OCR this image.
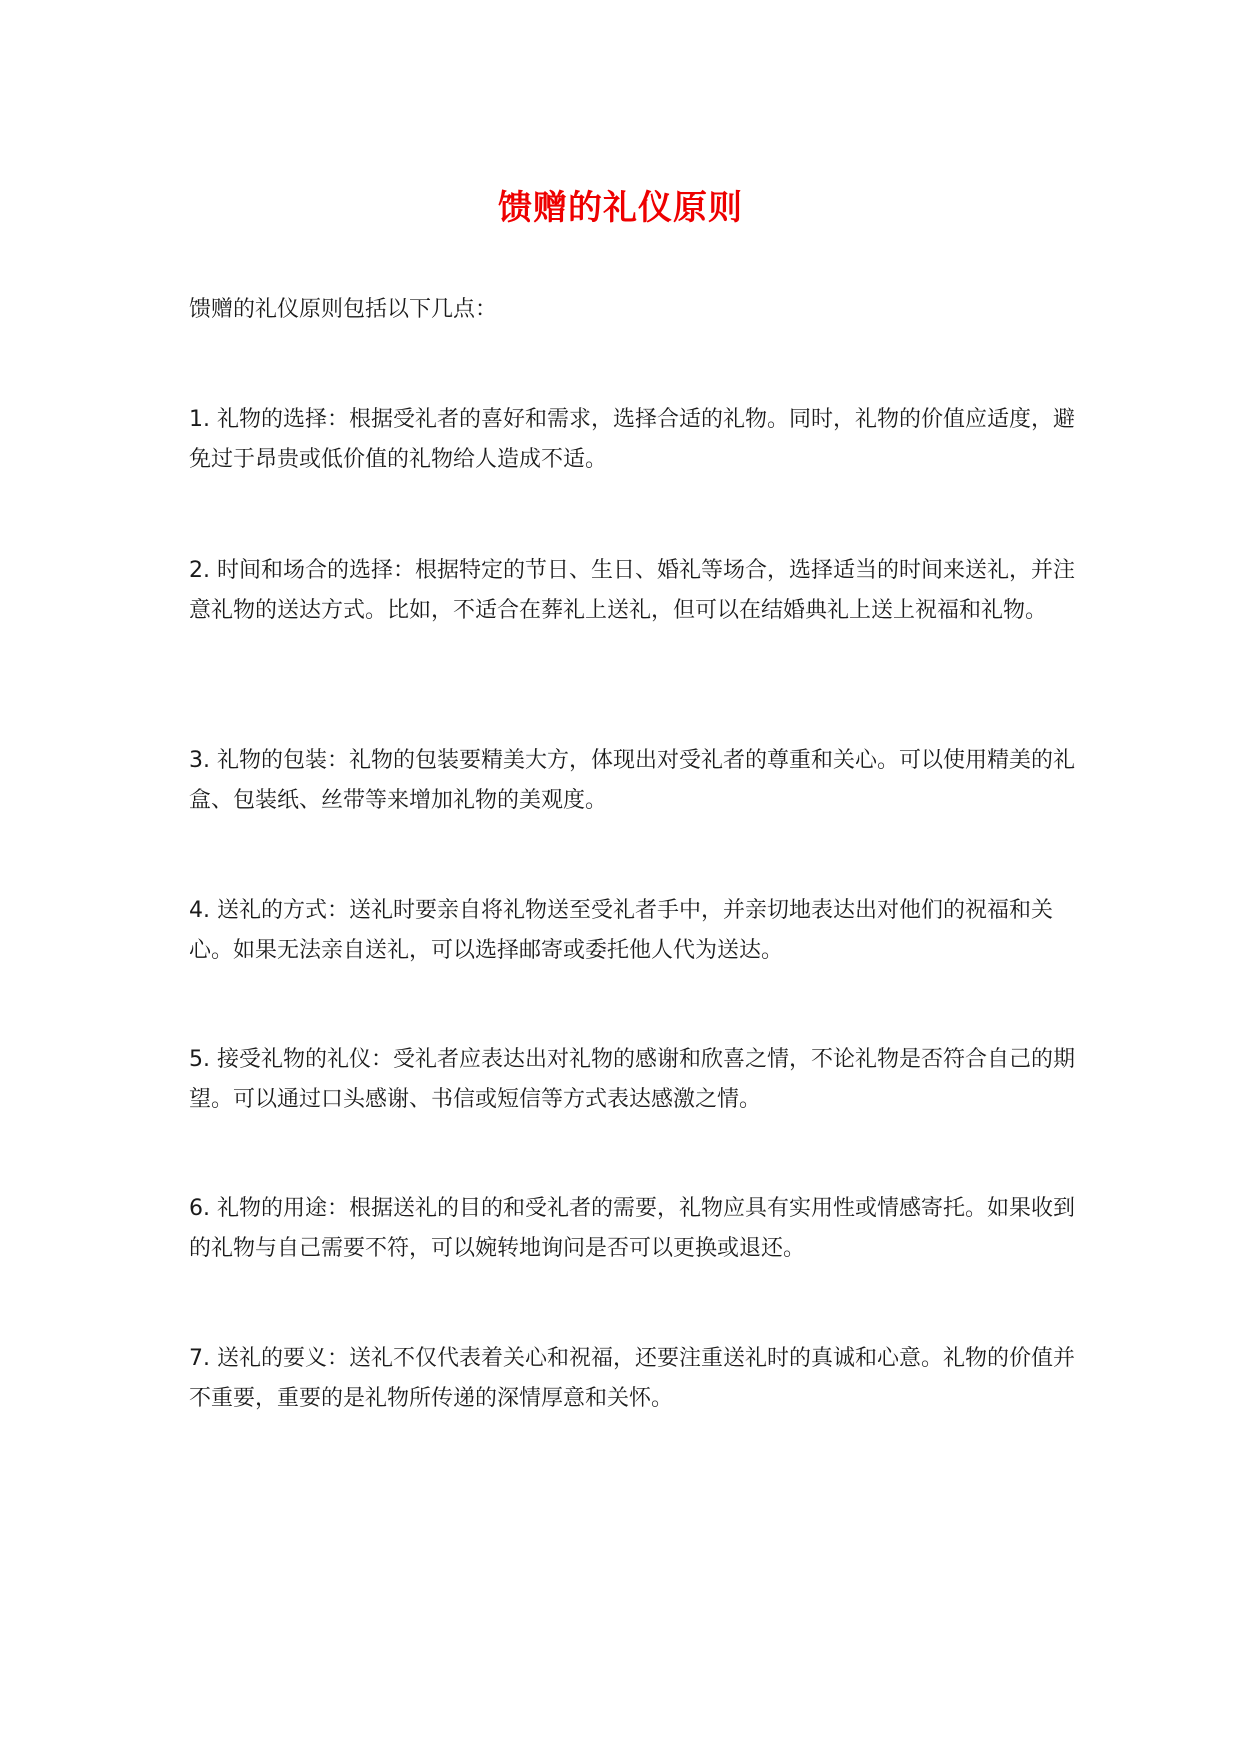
馈赠的礼仪原则

馈赠的礼仪原则包括以下几点：

1. 礼物的选择：根据受礼者的喜好和需求，选择合适的礼物。同时，礼物的价值应适度，避免过于昂贵或低价值的礼物给人造成不适。

2. 时间和场合的选择：根据特定的节日、生日、婚礼等场合，选择适当的时间来送礼，并注意礼物的送达方式。比如，不适合在葬礼上送礼，但可以在结婚典礼上送上祝福和礼物。

3. 礼物的包装：礼物的包装要精美大方，体现出对受礼者的尊重和关心。可以使用精美的礼盒、包装纸、丝带等来增加礼物的美观度。

4. 送礼的方式：送礼时要亲自将礼物送至受礼者手中，并亲切地表达出对他们的祝福和关心。如果无法亲自送礼，可以选择邮寄或委托他人代为送达。

5. 接受礼物的礼仪：受礼者应表达出对礼物的感谢和欣喜之情，不论礼物是否符合自己的期望。可以通过口头感谢、书信或短信等方式表达感激之情。

6. 礼物的用途：根据送礼的目的和受礼者的需要，礼物应具有实用性或情感寄托。如果收到的礼物与自己需要不符，可以婉转地询问是否可以更换或退还。

7. 送礼的要义：送礼不仅代表着关心和祝福，还要注重送礼时的真诚和心意。礼物的价值并不重要，重要的是礼物所传递的深情厚意和关怀。
